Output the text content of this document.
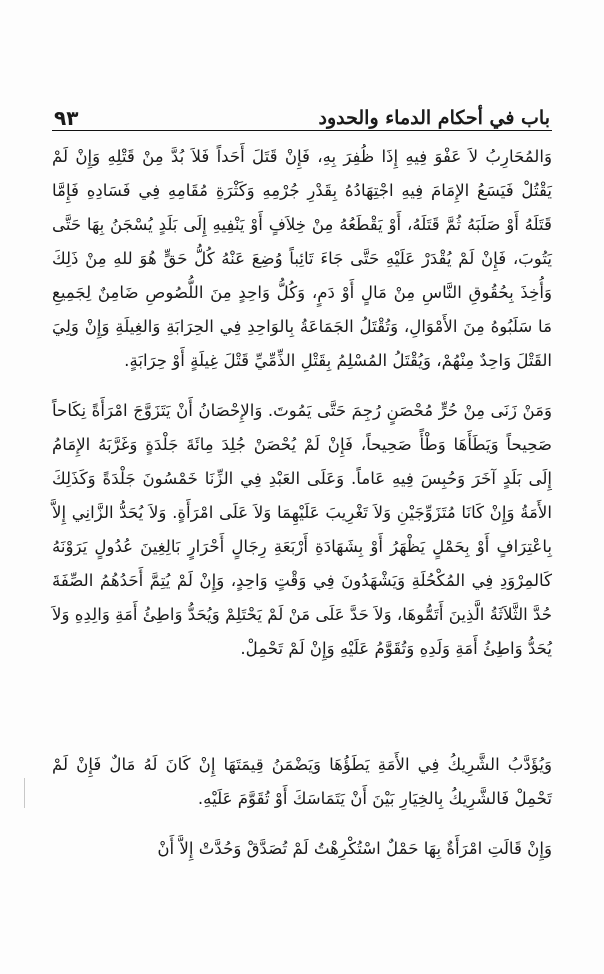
باب في أحكام الدماء والحدود
٩٣

وَالمُحَارِبُ لاَ عَفْوَ فِيهِ إِذَا ظُفِرَ بِهِ، فَإِنْ قَتَلَ أَحَداً فَلاَ بُدَّ مِنْ قَتْلِهِ وَإِنْ لَمْ يَقْتُلْ فَيَسَعُ الإِمَامَ فِيهِ اجْتِهَادُهُ بِقَدْرِ جُرْمِهِ وَكَثْرَةِ مُقَامِهِ فِي فَسَادِهِ فَإِمَّا قَتَلَهُ أَوْ صَلَبَهُ ثُمَّ قَتَلَهُ، أَوْ يَقْطَعُهُ مِنْ خِلاَفٍ أَوْ يَنْفِيهِ إِلَى بَلَدٍ يُسْجَنُ بِهَا حَتَّى يَتُوبَ، فَإِنْ لَمْ يُقْدَرْ عَلَيْهِ حَتَّى جَاءَ تَائِباً وُضِعَ عَنْهُ كُلُّ حَقٍّ هُوَ للهِ مِنْ ذَلِكَ وَأُخِذَ بِحُقُوقِ النَّاسِ مِنْ مَالٍ أَوْ دَمٍ، وَكُلُّ وَاحِدٍ مِنَ اللُّصُوصِ ضَامِنٌ لِجَمِيعِ مَا سَلَبُوهُ مِنَ الأَمْوَالِ، وَتُقْتَلُ الجَمَاعَةُ بِالوَاحِدِ فِي الحِرَابَةِ وَالغِيلَةِ وَإِنْ وَلِيَ القَتْلَ وَاحِدٌ مِنْهُمْ، وَيُقْتَلُ المُسْلِمُ بِقَتْلِ الذِّمِّيِّ قَتْلَ غِيلَةٍ أَوْ حِرَابَةٍ.

وَمَنْ زَنَى مِنْ حُرٍّ مُحْصَنٍ رُجِمَ حَتَّى يَمُوتَ. وَالإِحْصَانُ أَنْ يَتَزَوَّجَ امْرَأَةً نِكَاحاً صَحِيحاً وَيَطَأَهَا وَطْأً صَحِيحاً، فَإِنْ لَمْ يُحْصَنْ جُلِدَ مِائَةَ جَلْدَةٍ وَغَرَّبَهُ الإِمَامُ إِلَى بَلَدٍ آخَرَ وَحُبِسَ فِيهِ عَاماً. وَعَلَى العَبْدِ فِي الزِّنَا خَمْسُونَ جَلْدَةً وَكَذَلِكَ الأَمَةُ وَإِنْ كَانَا مُتَزَوِّجَيْنِ وَلاَ تَغْرِيبَ عَلَيْهِمَا وَلاَ عَلَى امْرَأَةٍ. وَلاَ يُحَدُّ الزَّانِي إِلاَّ بِاعْتِرَافٍ أَوْ بِحَمْلٍ يَظْهَرُ أَوْ بِشَهَادَةِ أَرْبَعَةِ رِجَالٍ أَحْرَارٍ بَالِغِينَ عُدُولٍ يَرَوْنَهُ كَالمِرْوَدِ فِي المُكْحُلَةِ وَيَشْهَدُونَ فِي وَقْتٍ وَاحِدٍ، وَإِنْ لَمْ يُتِمَّ أَحَدُهُمُ الصِّفَةَ حُدَّ الثَّلاَثَةُ الَّذِينَ أَتَمُّوهَا، وَلاَ حَدَّ عَلَى مَنْ لَمْ يَحْتَلِمْ وَيُحَدُّ وَاطِئُ أَمَةِ وَالِدِهِ وَلاَ يُحَدُّ وَاطِئُ أَمَةِ وَلَدِهِ وَتُقَوَّمُ عَلَيْهِ وَإِنْ لَمْ تَحْمِلْ.

وَيُؤَدَّبُ الشَّرِيكُ فِي الأَمَةِ يَطَؤُهَا وَيَضْمَنُ قِيمَتَهَا إِنْ كَانَ لَهُ مَالٌ فَإِنْ لَمْ تَحْمِلْ فَالشَّرِيكُ بِالخِيَارِ بَيْنَ أَنْ يَتَمَاسَكَ أَوْ تُقَوَّمَ عَلَيْهِ.

وَإِنْ قَالَتِ امْرَأَةٌ بِهَا حَمْلٌ اسْتُكْرِهْتُ لَمْ تُصَدَّقْ وَحُدَّتْ إِلاَّ أَنْ
